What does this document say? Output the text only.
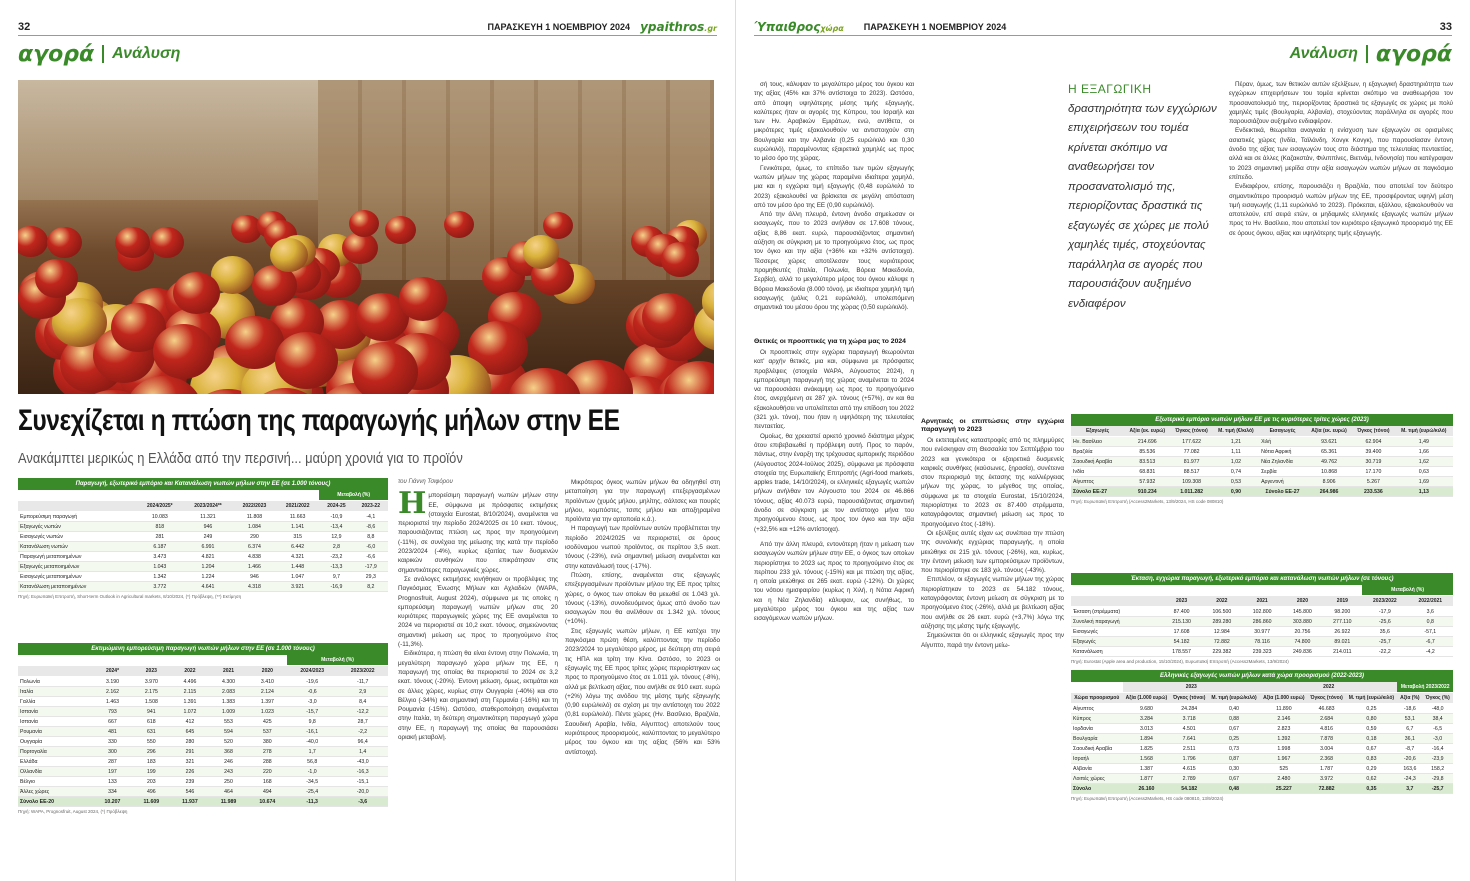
32	ΠΑΡΑΣΚΕΥΗ 1 ΝΟΕΜΒΡΙΟΥ 2024 ypaithros.gr
αγορά Ανάλυση
Συνεχίζεται η πτώση της παραγωγής μήλων στην ΕΕ
Ανακάμπτει μερικώς η Ελλάδα από την περσινή... μαύρη χρονιά για το προϊόν
Παραγωγή, εξωτερικό εμπόριο και Κατανάλωση νωπών μήλων στην ΕΕ (σε 1.000 τόνους)
					Μεταβολή (%)	
	2024/2025*	2023/2024**	2022/2023	2021/2022	2024-25	2023-22
Εμπορεύσιμη παραγωγή	10.083	11.321	11.808	11.663	-10,9	-4,1
Εξαγωγές νωπών	818	946	1.084	1.141	-13,4	-8,6
Εισαγωγές νωπών	281	249	290	315	12,9	8,8
Κατανάλωση νωπών	6.187	6.991	6.374	6.442	2,8	-6,0
Παραγωγή μεταποιημένων	3.473	4.821	4.838	4.321	-23,2	-6,6
Εξαγωγές μεταποιημένων	1.043	1.204	1.466	1.448	-13,3	-17,9
Εισαγωγές μεταποιημένων	1.342	1.224	946	1.047	9,7	29,3
Κατανάλωση μεταποιημένων	3.772	4.641	4.318	3.921	-16,9	8,2
Πηγή: Ευρωπαϊκή Επιτροπή, Short-term Outlook in Agricultural markets, 8/10/2024, (*) Πρόβλεψη, (**) Εκτίμηση
Εκτιμώμενη εμπορεύσιμη παραγωγή νωπών μήλων στην ΕΕ (σε 1.000 τόνους)
						Μεταβολή (%)	
	2024*	2023	2022	2021	2020	2024/2023	2023/2022
Πολωνία	3.190	3.970	4.496	4.300	3.410	-19,6	-11,7
Ιταλία	2.162	2.175	2.115	2.083	2.124	-0,6	2,9
Γαλλία	1.463	1.508	1.391	1.383	1.397	-3,0	8,4
Ισπανία	793	941	1.072	1.009	1.023	-15,7	-12,2
Ισπανία	667	618	412	553	425	9,8	28,7
Ρουμανία	481	631	645	594	537	-16,1	-2,2
Ουγγαρία	330	550	280	520	380	-40,0	96,4
Πορτογαλία	300	296	291	368	278	1,7	1,4
Ελλάδα	287	183	321	246	288	56,8	-43,0
Ολλανδία	197	199	226	243	220	-1,0	-16,3
Βέλγιο	133	203	239	250	168	-34,5	-15,1
Άλλες χώρες	334	496	546	464	494	-25,4	-20,0
Σύνολο ΕΕ-20	10.207	11.609	11.937	11.989	10.674	-11,3	-3,6
Πηγή: WAPA, Prognosfruit, August 2024, (*) Πρόβλεψη
του Γιάννη Τσιφόρου
Η μπορείσιμη παραγωγή νωπών μήλων στην ΕΕ, σύμφωνα με πρόσφατες εκτιμήσεις (στοιχεία Eurostat, 8/10/2024), αναμένεται να περιοριστεί την περίοδο 2024/2025 σε 10 εκατ. τόνους, παρουσιάζοντας πτώση ως προς την προηγούμενη (-11%), σε συνέχεια της μείωσης της κατά την περίοδο 2023/2024 (-4%), κυρίως εξαιτίας των δυσμενών καιρικών συνθηκών που επικράτησαν στις σημαντικότερες παραγωγικές χώρες.

Σε ανάλογες εκτιμήσεις κινήθηκαν οι προβλέψεις της Παγκόσμιας Ένωσης Μήλων και Αχλαδιών (WAPA, Prognosfruit, August 2024), σύμφωνα με τις οποίες η εμπορεύσιμη παραγωγή νωπών μήλων στις 20 κυριότερες παραγωγικές χώρες της ΕΕ αναμένεται το 2024 να περιοριστεί σε 10,2 εκατ. τόνους, σημειώνοντας σημαντική μείωση ως προς το προηγούμενο έτος (-11,3%).

Ειδικότερα, η πτώση θα είναι έντονη στην Πολωνία, τη μεγαλύτερη παραγωγό χώρα μήλων της ΕΕ, η παραγωγή της οποίας θα περιοριστεί το 2024 σε 3,2 εκατ. τόνους (-20%). Έντονη μείωση, όμως, εκτιμάται και σε άλλες χώρες, κυρίως στην Ουγγαρία (-40%) και στο Βέλγιο (-34%) και σημαντική στη Γερμανία (-16%) και τη Ρουμανία (-15%). Ωστόσο, σταθεροποίηση αναμένεται στην Ιταλία, τη δεύτερη σημαντικότερη παραγωγό χώρα στην ΕΕ, η παραγωγή της οποίας θα παρουσιάσει οριακή μεταβολή.

Μικρότερος όγκος νωπών μήλων θα οδηγηθεί στη μεταποίηση για την παραγωγή επεξεργασμένων προϊόντων (χυμός μήλου, μηλίτης, σάλτσες και πουρές μήλου, κομπόστες, τσιπς μήλου και αποξηραμένα προϊόντα για την αρτοποιία κ.ά.).

Η παραγωγή των προϊόντων αυτών προβλέπεται την περίοδο 2024/2025 να περιοριστεί, σε όρους ισοδύναμου νωπού προϊόντος, σε περίπου 3,5 εκατ. τόνους (-23%), ενώ σημαντική μείωση αναμένεται και στην κατανάλωσή τους (-17%).

Πτώση, επίσης, αναμένεται στις εξαγωγές επεξεργασμένων προϊόντων μήλου της ΕΕ προς τρίτες χώρες, ο όγκος των οποίων θα μειωθεί σε 1.043 χιλ. τόνους (-13%), συνοδευόμενος όμως από άνοδο των εισαγωγών που θα ανέλθουν σε 1.342 χιλ. τόνους (+10%).

Στις εξαγωγές νωπών μήλων, η ΕΕ κατέχει την παγκόσμια πρώτη θέση, καλύπτοντας την περίοδο 2023/2024 το μεγαλύτερο μέρος, με δεύτερη στη σειρά τις ΗΠΑ και τρίτη την Κίνα. Ωστόσο, το 2023 οι εξαγωγές της ΕΕ προς τρίτες χώρες περιορίστηκαν ως προς το προηγούμενο έτος σε 1.011 χιλ. τόνους (-8%), αλλά με βελτίωση αξίας, που ανήλθε σε 910 εκατ. ευρώ (+2%) λόγω της ανόδου της μέσης τιμής εξαγωγής (0,90 ευρώ/κιλό) σε σχέση με την αντίστοιχη του 2022 (0,81 ευρώ/κιλό). Πέντε χώρες (Ην. Βασίλειο, Βραζιλία, Σαουδική Αραβία, Ινδία, Αίγυπτος) αποτελούν τους κυριότερους προορισμούς, καλύπτοντας το μεγαλύτερο μέρος του όγκου και της αξίας (56% και 53% αντίστοιχα).

Ύπαιθροςχώρα ΠΑΡΑΣΚΕΥΗ 1 ΝΟΕΜΒΡΙΟΥ 2024	33
Ανάλυση αγορά

σή τους, κάλυψαν το μεγαλύτερο μέρος του όγκου και της αξίας (45% και 37% αντίστοιχα το 2023). Ωστόσο, από άποψη υψηλότερης μέσης τιμής εξαγωγής, καλύτερες ήταν οι αγορές της Κύπρου, του Ισραήλ και των Ην. Αραβικών Εμιράτων, ενώ, αντίθετα, οι μικρότερες τιμές εξακολουθούν να αντιστοιχούν στη Βουλγαρία και την Αλβανία (0,25 ευρώ/κιλό και 0,30 ευρώ/κιλό), παραμένοντας εξαιρετικά χαμηλές ως προς το μέσο όρο της χώρας.

Γενικότερα, όμως, το επίπεδο των τιμών εξαγωγής νωπών μήλων της χώρας παραμένει ιδιαίτερα χαμηλό, μια και η εγχώρια τιμή εξαγωγής (0,48 ευρώ/κιλό το 2023) εξακολουθεί να βρίσκεται σε μεγάλη απόσταση από τον μέσο όρο της ΕΕ (0,90 ευρώ/κιλό).

Από την άλλη πλευρά, έντονη άνοδο σημείωσαν οι εισαγωγές, που το 2023 ανήλθαν σε 17.608 τόνους, αξίας 8,86 εκατ. ευρώ, παρουσιάζοντας σημαντική αύξηση σε σύγκριση με το προηγούμενο έτος, ως προς τον όγκο και την αξία (+36% και +32% αντίστοιχα). Τέσσερις χώρες αποτέλεσαν τους κυριότερους προμηθευτές (Ιταλία, Πολωνία, Βόρεια Μακεδονία, Σερβία), αλλά το μεγαλύτερο μέρος του όγκου κάλυψε η Βόρεια Μακεδονία (8.000 τόνοι), με ιδιαίτερα χαμηλή τιμή εισαγωγής (μόλις 0,21 ευρώ/κιλό), υπολειπόμενη σημαντικά του μέσου όρου της χώρας (0,50 ευρώ/κιλό).

Θετικές οι προοπτικές για τη χώρα μας το 2024

Οι προοπτικές στην εγχώρια παραγωγή θεωρούνται κατ' αρχήν θετικές, μια και, σύμφωνα με πρόσφατες προβλέψεις (στοιχεία WAPA, Αύγουστος 2024), η εμπορεύσιμη παραγωγή της χώρας αναμένεται το 2024 να παρουσιάσει ανάκαμψη ως προς το προηγούμενο έτος, ανερχόμενη σε 287 χιλ. τόνους (+57%), αν και θα εξακολουθήσει να υπολείπεται από την επίδοση του 2022 (321 χιλ. τόνοι), που ήταν η υψηλότερη της τελευταίας πενταετίας.

Ομοίως, θα χρειαστεί αρκετό χρονικό διάστημα μέχρις ότου επιβεβαιωθεί η πρόβλεψη αυτή. Προς το παρόν, πάντως, στην έναρξη της τρέχουσας εμπορικής περιόδου (Αύγουστος 2024-Ιούλιος 2025), σύμφωνα με πρόσφατα στοιχεία της Ευρωπαϊκής Επιτροπής (Agri-food markets, apples trade, 14/10/2024), οι ελληνικές εξαγωγές νωπών μήλων ανήλθαν τον Αύγουστο του 2024 σε 46.866 τόνους, αξίας 40.073 ευρώ, παρουσιάζοντας σημαντική άνοδο σε σύγκριση με τον αντίστοιχο μήνα του προηγούμενου έτους, ως προς τον όγκο και την αξία (+32,5% και +12% αντίστοιχα).

Πέραν, όμως, των θετικών αυτών εξελίξεων, η εξαγωγική δραστηριότητα των εγχώριων επιχειρήσεων του τομέα κρίνεται σκόπιμο να αναθεωρήσει τον προσανατολισμό της, περιορίζοντας δραστικά τις εξαγωγές σε χώρες με πολύ χαμηλές τιμές (Βουλγαρία, Αλβανία), στοχεύοντας παράλληλα σε αγορές που παρουσιάζουν αυξημένο ενδιαφέρον.

Ενδεικτικά, θεωρείται αναγκαία η ενίσχυση των εξαγωγών σε ορισμένες ασιατικές χώρες (Ινδία, Ταϊλάνδη, Χονγκ Κονγκ), που παρουσίασαν έντονη άνοδο της αξίας των εισαγωγών τους στο διάστημα της τελευταίας πενταετίας, αλλά και σε άλλες (Καζακστάν, Φιλιππίνες, Βιετνάμ, Ινδονησία) που κατέγραψαν το 2023 σημαντική μερίδα στην αξία εισαγωγών νωπών μήλων σε παγκόσμιο επίπεδο.

Ενδιαφέρον, επίσης, παρουσιάζει η Βραζιλία, που αποτελεί τον δεύτερο σημαντικότερο προορισμό νωπών μήλων της ΕΕ, προσφέροντας υψηλή μέση τιμή εισαγωγής (1,11 ευρώ/κιλό το 2023). Πρόκειται, εξάλλου, εξακολουθούν να αποτελούν, επί σειρά ετών, οι μηδαμινές ελληνικές εξαγωγές νωπών μήλων προς το Ην. Βασίλειο, που αποτελεί τον κυριότερο εξαγωγικό προορισμό της ΕΕ σε όρους όγκου, αξίας και υψηλότερης τιμής εξαγωγής.

Εξωτερικό εμπόριο νωπών μήλων ΕΕ με τις κυριότερες τρίτες χώρες (2023)
Εξαγωγές	Αξία (εκ. ευρώ)	Όγκος (τόνοι)	Μ. τιμή (€/κιλό)	Εισαγωγές	Αξία (εκ. ευρώ)	Όγκος (τόνοι)	Μ. τιμή (ευρώ/κιλό)
Ην. Βασίλειο	214.696	177.622	1,21	Χιλή	93.621	62.904	1,49
Βραζιλία	85.536	77.082	1,11	Νότια Αφρική	65.361	39.400	1,66
Σαουδική Αραβία	83.513	81.977	1,02	Νέα Ζηλανδία	49.762	30.719	1,62
Ινδία	68.831	88.517	0,74	Σερβία	10.868	17.170	0,63
Αίγυπτος	57.932	109.308	0,53	Αργεντινή	8.906	5.267	1,69
Σύνολο ΕΕ-27	910.234	1.011.282	0,90	Σύνολο ΕΕ-27	264.986	233.536	1,13
Πηγή: Ευρωπαϊκή Επιτροπή (Access2Markets, 13/9/2024, HS code 080810)
Έκταση, εγχώρια παραγωγή, εξωτερικό εμπόριο και κατανάλωση νωπών μήλων (σε τόνους)
						Μεταβολή (%)	
	2023	2022	2021	2020	2019	2023/2022	2022/2021
Έκταση (στρέμματα)	87.400	106.500	102.800	145.800	98.200	-17,9	3,6
Συνολική παραγωγή	215.130	289.280	286.860	303.880	277.110	-25,6	0,8
Εισαγωγές	17.608	12.984	30.977	20.756	26.922	35,6	-57,1
Εξαγωγές	54.182	72.882	78.116	74.800	89.021	-25,7	-6,7
Κατανάλωση	178.557	229.382	239.323	249.836	214.011	-22,2	-4,2
Πηγή: Eurostat (Apple area and production, 15/10/2024), Ευρωπαϊκή Επιτροπή (Access2Markets, 13/9/2024)
Ελληνικές εξαγωγές νωπών μήλων κατά χώρα προορισμού (2022-2023)
	2023			2022			Μεταβολή 2023/2022	
Χώρα προορισμού	Αξία (1.000 ευρώ)	Όγκος (τόνοι)	Μ. τιμή (ευρώ/κιλό)	Αξία (1.000 ευρώ)	Όγκος (τόνοι)	Μ. τιμή (ευρώ/κιλό)	Αξία (%)	Όγκος (%)
Αίγυπτος	9.680	24.284	0,40	11.890	46.683	0,25	-18,6	-48,0
Κύπρος	3.284	3.718	0,88	2.146	2.684	0,80	53,1	38,4
Ιορδανία	3.013	4.501	0,67	2.823	4.816	0,59	6,7	-6,5
Βουλγαρία	1.894	7.641	0,25	1.392	7.878	0,18	36,1	-3,0
Σαουδική Αραβία	1.825	2.511	0,73	1.998	3.004	0,67	-8,7	-16,4
Ισραήλ	1.568	1.796	0,87	1.967	2.368	0,83	-20,6	-23,9
Αλβανία	1.387	4.615	0,30	525	1.787	0,29	163,6	158,2
Λοιπές χώρες	1.877	2.789	0,67	2.480	3.972	0,62	-24,3	-29,8
Σύνολο	26.160	54.182	0,48	25.227	72.882	0,35	3,7	-25,7
Πηγή: Ευρωπαϊκή Επιτροπή (Access2Markets, HS code 080810, 13/9/2024)
Αρνητικές οι επιπτώσεις στην εγχώρια παραγωγή το 2023

Οι εκτεταμένες καταστροφές από τις πλημμύρες που ενέσκηψαν στη Θεσσαλία τον Σεπτέμβριο του 2023 και γενικότερα οι εξαιρετικά δυσμενείς καιρικές συνθήκες (καύσωνες, ξηρασία), συνέτεινα στον περιορισμό της έκτασης της καλλιέργειας μήλων της χώρας, το μέγεθος της οποίας, σύμφωνα με τα στοιχεία Eurostat, 15/10/2024, περιορίστηκε το 2023 σε 87.400 στρέμματα, καταγράφοντας σημαντική μείωση ως προς το προηγούμενο έτος (-18%).

Οι εξελίξεις αυτές είχαν ως συνέπεια την πτώση της συνολικής εγχώριας παραγωγής, η οποία μειώθηκε σε 215 χιλ. τόνους (-26%), και, κυρίως, την έντονη μείωση των εμπορεύσιμων προϊόντων, που περιορίστηκε σε 183 χιλ. τόνους (-43%).

Επιπλέον, οι εξαγωγές νωπών μήλων της χώρας περιορίστηκαν το 2023 σε 54.182 τόνους, καταγράφοντας έντονη μείωση σε σύγκριση με το προηγούμενο έτος (-26%), αλλά με βελτίωση αξίας που ανήλθε σε 26 εκατ. ευρώ (+3,7%) λόγω της αύξησης της μέσης τιμής εξαγωγής.

Σημειώνεται ότι οι ελληνικές εξαγωγές προς την Αίγυπτο, παρά την έντονη μείω-

Από την άλλη πλευρά, εντονότερη ήταν η μείωση των εισαγωγών νωπών μήλων στην ΕΕ, ο όγκος των οποίων περιορίστηκε το 2023 ως προς το προηγούμενο έτος σε περίπου 233 χιλ. τόνους (-15%) και με πτώση της αξίας, η οποία μειώθηκε σε 265 εκατ. ευρώ (-12%). Οι χώρες του νότιου ημισφαιρίου (κυρίως η Χιλή, η Νότια Αφρική και η Νέα Ζηλανδία) κάλυψαν, ως συνήθως, το μεγαλύτερο μέρος του όγκου και της αξίας των εισαγόμενων νωπών μήλων.

Η ΕΞΑΓΩΓΙΚΗ
δραστηριότητα των εγχώριων επιχειρήσεων του τομέα κρίνεται σκόπιμο να αναθεωρήσει τον προσανατολισμό της, περιορίζοντας δραστικά τις εξαγωγές σε χώρες με πολύ χαμηλές τιμές, στοχεύοντας παράλληλα σε αγορές που παρουσιάζουν αυξημένο ενδιαφέρον
